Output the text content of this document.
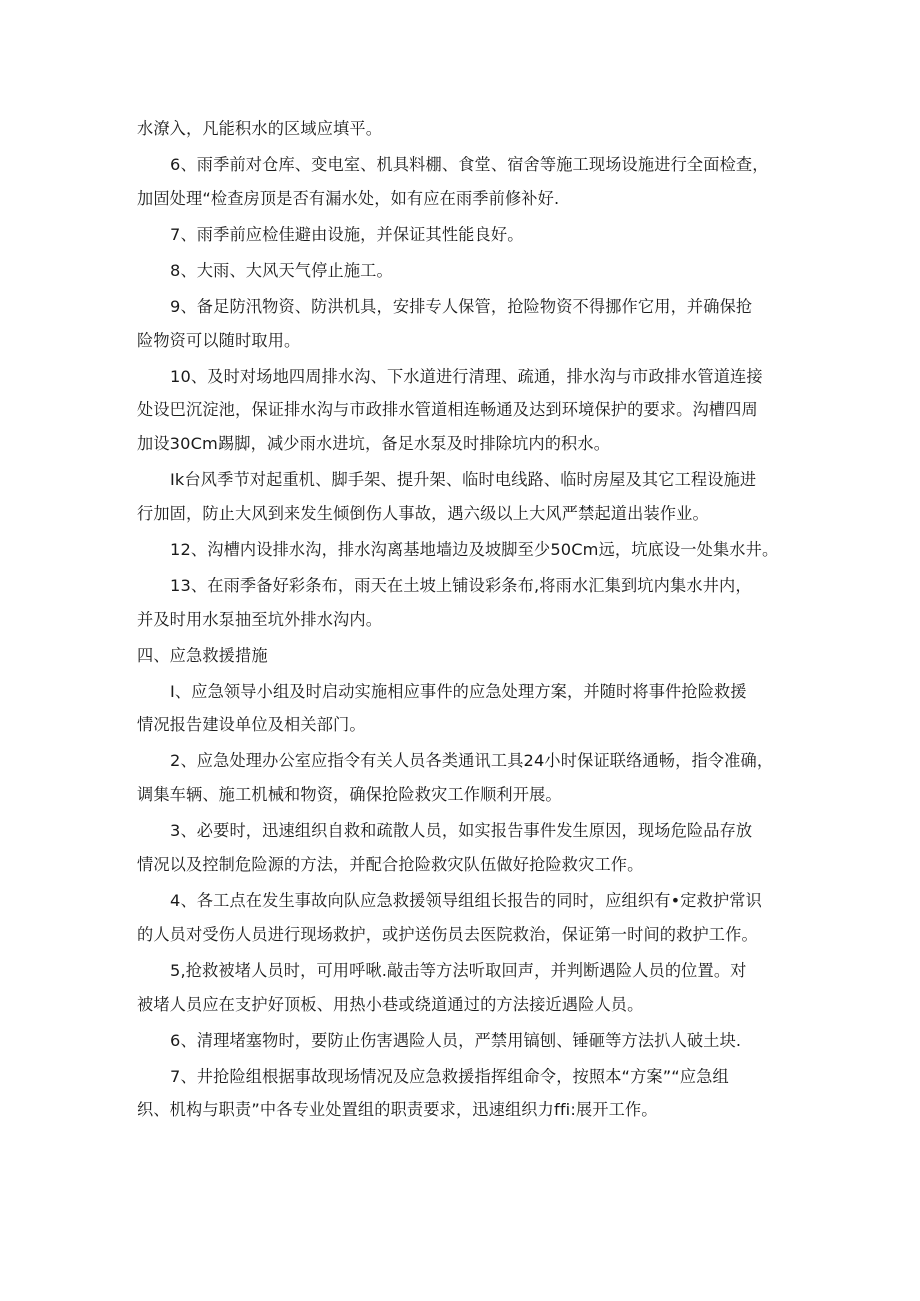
水潦入，凡能积水的区域应填平。

6、雨季前对仓库、变电室、机具料棚、食堂、宿舍等施工现场设施进行全面检查，
加固处理“检查房顶是否有漏水处，如有应在雨季前修补好.

7、雨季前应检佳避由设施，并保证其性能良好。

8、大雨、大风天气停止施工。

9、备足防汛物资、防洪机具，安排专人保管，抢险物资不得挪作它用，并确保抢
险物资可以随时取用。

10、及时对场地四周排水沟、下水道进行清理、疏通，排水沟与市政排水管道连接
处设巴沉淀池，保证排水沟与市政排水管道相连畅通及达到环境保护的要求。沟槽四周
加设30Cm踢脚，减少雨水进坑，备足水泵及时排除坑内的积水。

Ik台风季节对起重机、脚手架、提升架、临时电线路、临时房屋及其它工程设施进
行加固，防止大风到来发生倾倒伤人事故，遇六级以上大风严禁起道出装作业。

12、沟槽内设排水沟，排水沟离基地墙边及坡脚至少50Cm远，坑底设一处集水井。

13、在雨季备好彩条布，雨天在土坡上铺设彩条布,将雨水汇集到坑内集水井内，
并及时用水泵抽至坑外排水沟内。

四、应急救援措施

I、应急领导小组及时启动实施相应事件的应急处理方案，并随时将事件抢险救援
情况报告建设单位及相关部门。

2、应急处理办公室应指令有关人员各类通讯工具24小时保证联络通畅，指令准确，
调集车辆、施工机械和物资，确保抢险救灾工作顺利开展。

3、必要时，迅速组织自救和疏散人员，如实报告事件发生原因，现场危险品存放
情况以及控制危险源的方法，并配合抢险救灾队伍做好抢险救灾工作。

4、各工点在发生事故向队应急救援领导组组长报告的同时，应组织有•定救护常识
的人员对受伤人员进行现场救护，或护送伤员去医院救治，保证第一时间的救护工作。

5,抢救被堵人员时，可用呼啾.敲击等方法听取回声，并判断遇险人员的位置。对
被堵人员应在支护好顶板、用热小巷或绕道通过的方法接近遇险人员。

6、清理堵塞物时，要防止伤害遇险人员，严禁用镐刨、锤砸等方法扒人破土块.

7、井抢险组根据事故现场情况及应急救援指挥组命令，按照本“方案”“应急组
织、机构与职责”中各专业处置组的职责要求，迅速组织力ffi:展开工作。
